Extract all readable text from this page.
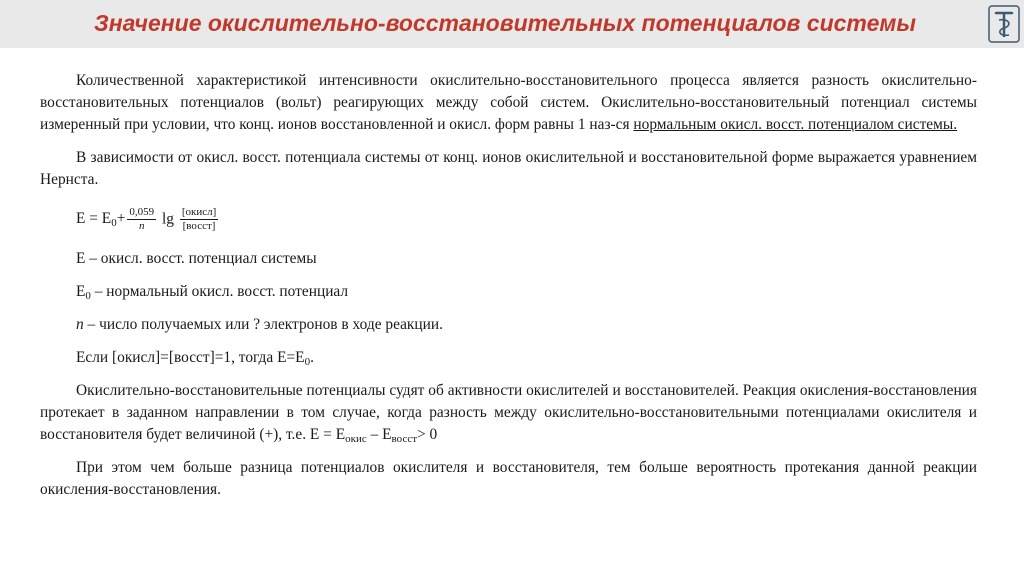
Значение окислительно-восстановительных потенциалов системы

Количественной характеристикой интенсивности окислительно-восстановительного процесса является разность окислительно-восстановительных потенциалов (вольт) реагирующих между собой систем. Окислительно-восстановительный потенциал системы измеренный при условии, что конц. ионов восстановленной и окисл. форм равны 1 наз-ся нормальным окисл. восст. потенциалом системы.

В зависимости от окисл. восст. потенциала системы от конц. ионов окислительной и восстановительной форме выражается уравнением Нернста.

$E = E_0+ \frac{0,059}{n}$ $\lg \frac{\text{[окисл]}}{\text{[восст]}}$

E – окисл. восст. потенциал системы

$E_0$ – нормальный окисл. восст. потенциал

n – число получаемых или ? электронов в ходе реакции.

Если [окисл]=[восст]=1, тогда $E=E_0$.

Окислительно-восстановительные потенциалы судят об активности окислителей и восстановителей. Реакция окисления-восстановления протекает в заданном направлении в том случае, когда разность между окислительно-восстановительными потенциалами окислителя и восстановителя будет величиной (+), т.е. $E = E_{окис} - E_{восст}> 0$

При этом чем больше разница потенциалов окислителя и восстановителя, тем больше вероятность протекания данной реакции окисления-восстановления.
